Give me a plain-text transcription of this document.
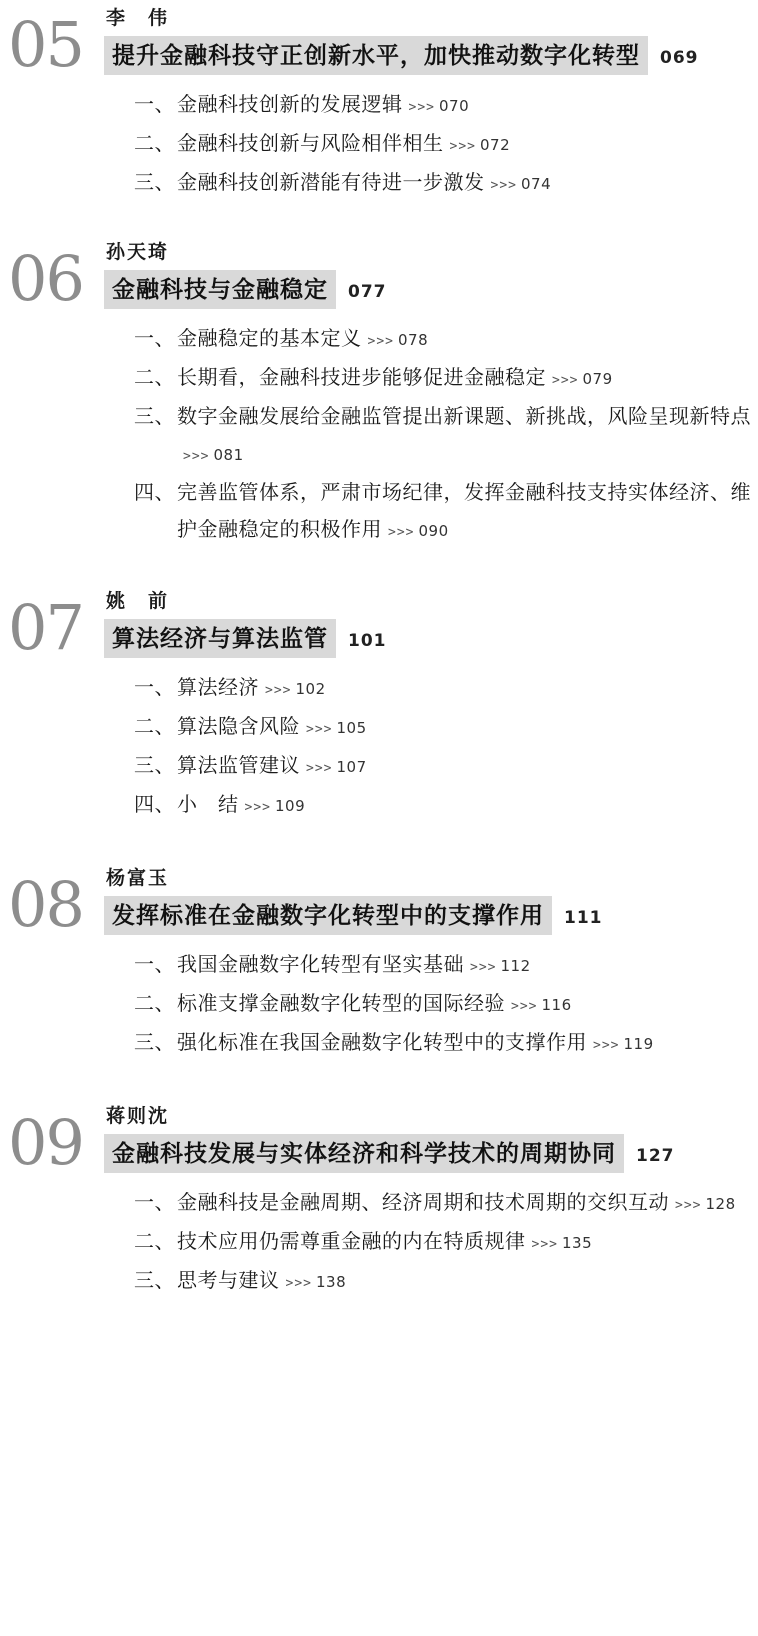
05 李　伟
提升金融科技守正创新水平，加快推动数字化转型	069
一、 金融科技创新的发展逻辑 >>> 070
二、 金融科技创新与风险相伴相生 >>> 072
三、 金融科技创新潜能有待进一步激发 >>> 074
06 孙天琦
金融科技与金融稳定	077
一、 金融稳定的基本定义 >>> 078
二、 长期看，金融科技进步能够促进金融稳定 >>> 079
三、 数字金融发展给金融监管提出新课题、新挑战，风险呈现新特点>>> 081
四、 完善监管体系，严肃市场纪律，发挥金融科技支持实体经济、维护金融稳定的积极作用 >>> 090
07 姚　前
算法经济与算法监管	101
一、 算法经济 >>> 102
二、 算法隐含风险 >>> 105
三、 算法监管建议 >>> 107
四、 小　结 >>> 109
08 杨富玉
发挥标准在金融数字化转型中的支撑作用	111
一、 我国金融数字化转型有坚实基础 >>> 112
二、 标准支撑金融数字化转型的国际经验 >>> 116
三、 强化标准在我国金融数字化转型中的支撑作用 >>> 119
09 蒋则沈
金融科技发展与实体经济和科学技术的周期协同	127
一、 金融科技是金融周期、经济周期和技术周期的交织互动 >>> 128
二、 技术应用仍需尊重金融的内在特质规律 >>> 135
三、 思考与建议 >>> 138
